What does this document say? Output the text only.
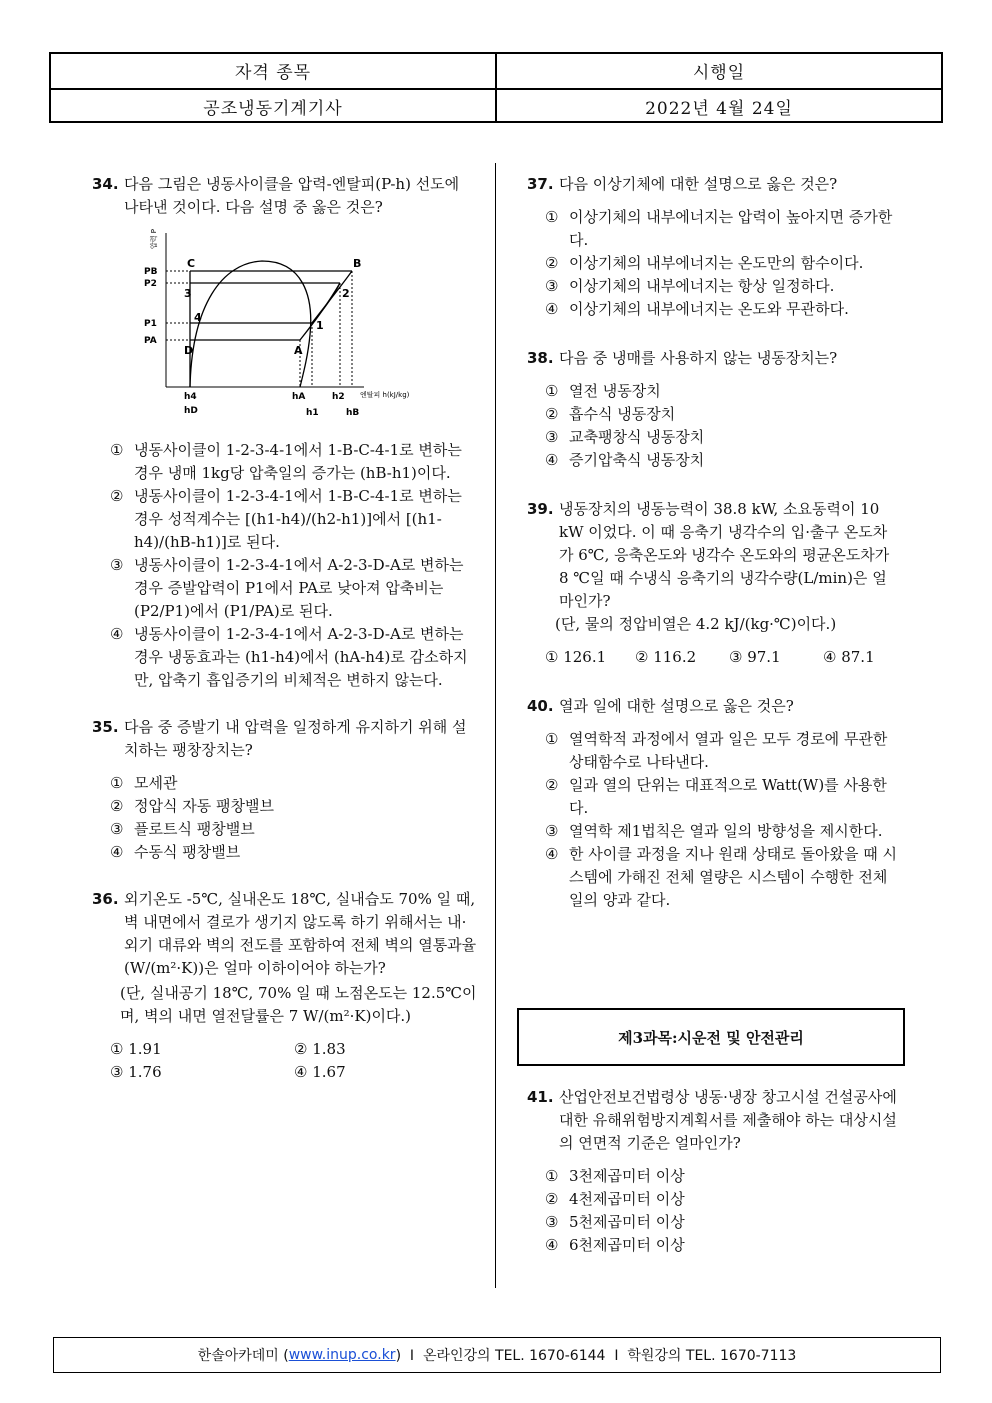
자격 종목	시행일
공조냉동기계기사	2022년 4월 24일
34. 다음 그림은 냉동사이클을 압력-엔탈피(P-h) 선도에 나타낸 것이다. 다음 설명 중 옳은 것은?
압력 P
PB
P2
P1
PA
C	B
3	2
4
1
D	A
엔탈피 h(kJ/kg)
h4
hD
hA
h1
h2
hB
① 냉동사이클이 1-2-3-4-1에서 1-B-C-4-1로 변하는 경우 냉매 1kg당 압축일의 증가는 (hB-h1)이다.
② 냉동사이클이 1-2-3-4-1에서 1-B-C-4-1로 변하는 경우 성적계수는 [(h1-h4)/(h2-h1)]에서 [(h1-h4)/(hB-h1)]로 된다.
③ 냉동사이클이 1-2-3-4-1에서 A-2-3-D-A로 변하는 경우 증발압력이 P1에서 PA로 낮아져 압축비는 (P2/P1)에서 (P1/PA)로 된다.
④ 냉동사이클이 1-2-3-4-1에서 A-2-3-D-A로 변하는 경우 냉동효과는 (h1-h4)에서 (hA-h4)로 감소하지만, 압축기 흡입증기의 비체적은 변하지 않는다.
35. 다음 중 증발기 내 압력을 일정하게 유지하기 위해 설치하는 팽창장치는?
① 모세관
② 정압식 자동 팽창밸브
③ 플로트식 팽창밸브
④ 수동식 팽창밸브
36. 외기온도 -5℃, 실내온도 18℃, 실내습도 70% 일 때, 벽 내면에서 결로가 생기지 않도록 하기 위해서는 내·외기 대류와 벽의 전도를 포함하여 전체 벽의 열통과율(W/(m²·K))은 얼마 이하이어야 하는가?
(단, 실내공기 18℃, 70% 일 때 노점온도는 12.5℃이며, 벽의 내면 열전달률은 7 W/(m²·K)이다.)
① 1.91	② 1.83
③ 1.76	④ 1.67
37. 다음 이상기체에 대한 설명으로 옳은 것은?
① 이상기체의 내부에너지는 압력이 높아지면 증가한다.
② 이상기체의 내부에너지는 온도만의 함수이다.
③ 이상기체의 내부에너지는 항상 일정하다.
④ 이상기체의 내부에너지는 온도와 무관하다.
38. 다음 중 냉매를 사용하지 않는 냉동장치는?
① 열전 냉동장치
② 흡수식 냉동장치
③ 교축팽창식 냉동장치
④ 증기압축식 냉동장치
39. 냉동장치의 냉동능력이 38.8 kW, 소요동력이 10 kW 이었다. 이 때 응축기 냉각수의 입·출구 온도차가 6℃, 응축온도와 냉각수 온도와의 평균온도차가 8 ℃일 때 수냉식 응축기의 냉각수량(L/min)은 얼마인가?
(단, 물의 정압비열은 4.2 kJ/(kg·℃)이다.)
① 126.1	② 116.2	③ 97.1	④ 87.1
40. 열과 일에 대한 설명으로 옳은 것은?
① 열역학적 과정에서 열과 일은 모두 경로에 무관한 상태함수로 나타낸다.
② 일과 열의 단위는 대표적으로 Watt(W)를 사용한다.
③ 열역학 제1법칙은 열과 일의 방향성을 제시한다.
④ 한 사이클 과정을 지나 원래 상태로 돌아왔을 때 시스템에 가해진 전체 열량은 시스템이 수행한 전체 일의 양과 같다.
제3과목:시운전 및 안전관리
41. 산업안전보건법령상 냉동·냉장 창고시설 건설공사에 대한 유해위험방지계획서를 제출해야 하는 대상시설의 연면적 기준은 얼마인가?
① 3천제곱미터 이상
② 4천제곱미터 이상
③ 5천제곱미터 이상
④ 6천제곱미터 이상
한솔아카데미 ( www.inup.co.kr )  I  온라인강의 TEL. 1670-6144  I  학원강의 TEL. 1670-7113
